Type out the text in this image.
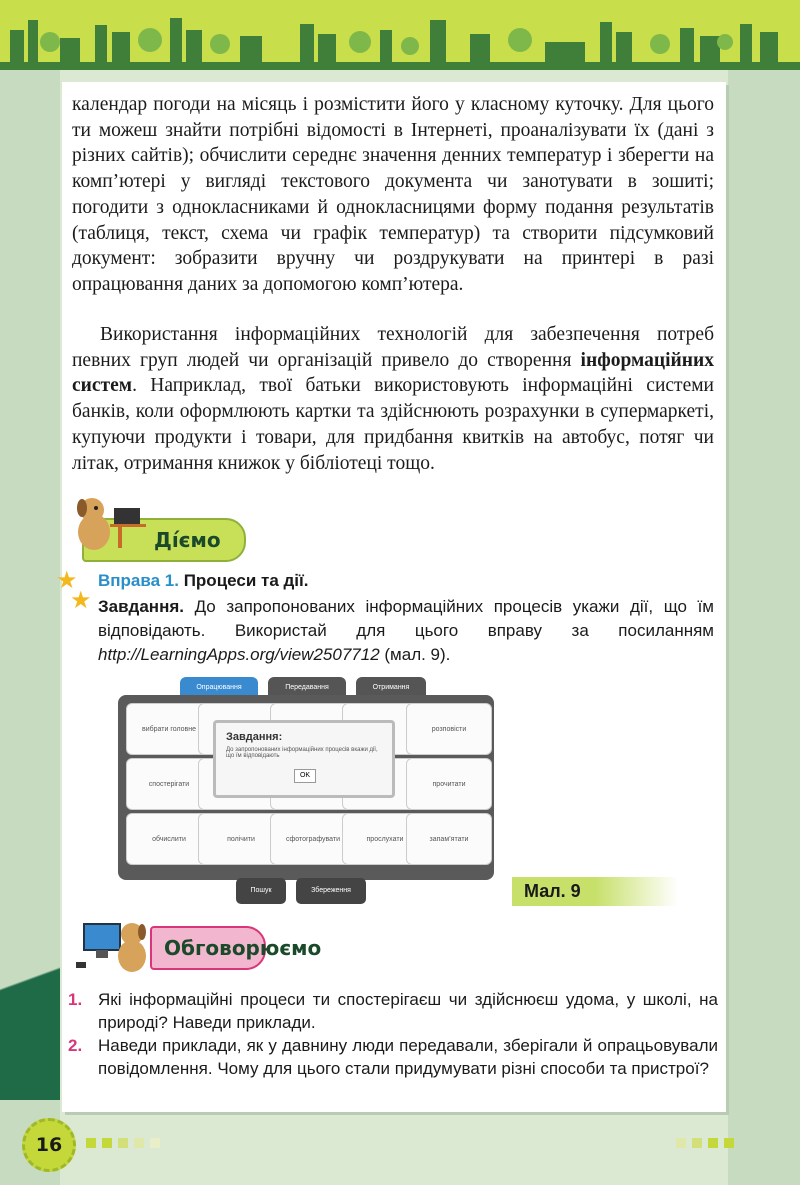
календар погоди на місяць і розмістити його у класному куточку. Для цього ти можеш знайти потрібні відомості в Інтернеті, проаналізувати їх (дані з різних сайтів); обчислити середнє значення денних температур і зберегти на комп’ютері у вигляді текстового документа чи занотувати в зошиті; погодити з однокласниками й однокласницями форму подання результатів (таблиця, текст, схема чи графік температур) та створити підсумковий документ: зобразити вручну чи роздрукувати на принтері в разі опрацювання даних за допомогою комп’ютера.

Використання інформаційних технологій для забезпечення потреб певних груп людей чи організацій привело до створення інформаційних систем. Наприклад, твої батьки використовують інформаційні системи банків, коли оформлюють картки та здійснюють розрахунки в супермаркеті, купуючи продукти і товари, для придбання квитків на автобус, потяг чи літак, отримання книжок у бібліотеці тощо.

Дíємо
★
★
Вправа 1. Процеси та дії.

Завдання. До запропонованих інформаційних процесів укажи дії, що їм відповідають. Використай для цього вправу за посиланням http://LearningApps.org/view2507712 (мал. 9).

Опрацювання	Передавання	Отримання
вибрати головне	розповісти
спостерігати	прочитати
обчислити	полічити	сфотографувати	прослухати	запам’ятати
Завдання:
До запропонованих інформаційних процесів вкажи дії, що їм відповідають
OK
Пошук	Збереження	Мал. 9
Обговорюємо
1. Які інформаційні процеси ти спостерігаєш чи здійснюєш удома, у школі, на природі? Наведи приклади.
2. Наведи приклади, як у давнину люди передавали, зберігали й опрацьовували повідомлення. Чому для цього стали придумувати різні способи та пристрої?
16
